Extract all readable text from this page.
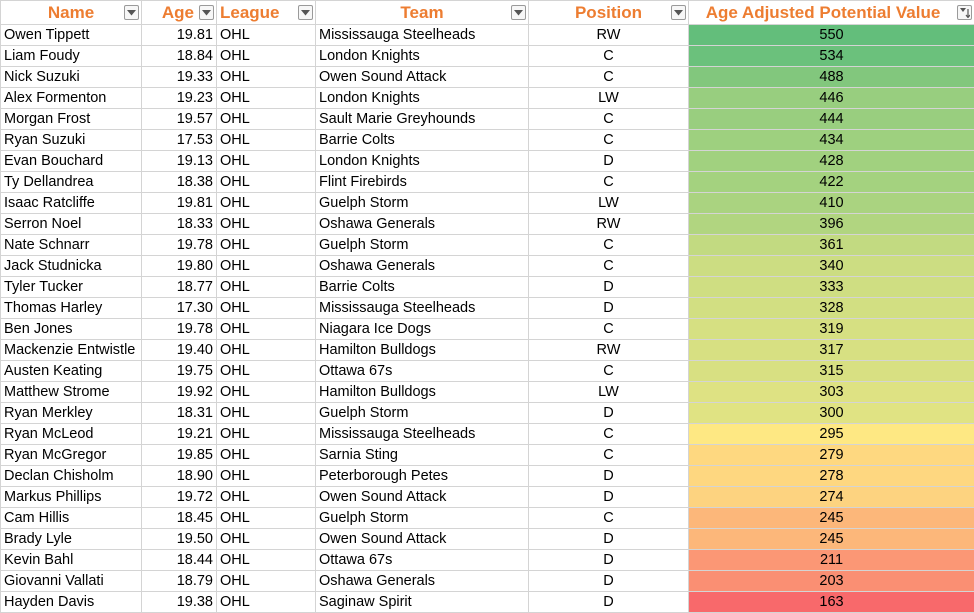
Name	Age	League	Team	Position	Age Adjusted Potential Value

Owen Tippett	19.81	OHL	Mississauga Steelheads	RW	550
Liam Foudy	18.84	OHL	London Knights	C	534
Nick Suzuki	19.33	OHL	Owen Sound Attack	C	488
Alex Formenton	19.23	OHL	London Knights	LW	446
Morgan Frost	19.57	OHL	Sault Marie Greyhounds	C	444
Ryan Suzuki	17.53	OHL	Barrie Colts	C	434
Evan Bouchard	19.13	OHL	London Knights	D	428
Ty Dellandrea	18.38	OHL	Flint Firebirds	C	422
Isaac Ratcliffe	19.81	OHL	Guelph Storm	LW	410
Serron Noel	18.33	OHL	Oshawa Generals	RW	396
Nate Schnarr	19.78	OHL	Guelph Storm	C	361
Jack Studnicka	19.80	OHL	Oshawa Generals	C	340
Tyler Tucker	18.77	OHL	Barrie Colts	D	333
Thomas Harley	17.30	OHL	Mississauga Steelheads	D	328
Ben Jones	19.78	OHL	Niagara Ice Dogs	C	319
Mackenzie Entwistle	19.40	OHL	Hamilton Bulldogs	RW	317
Austen Keating	19.75	OHL	Ottawa 67s	C	315
Matthew Strome	19.92	OHL	Hamilton Bulldogs	LW	303
Ryan Merkley	18.31	OHL	Guelph Storm	D	300
Ryan McLeod	19.21	OHL	Mississauga Steelheads	C	295
Ryan McGregor	19.85	OHL	Sarnia Sting	C	279
Declan Chisholm	18.90	OHL	Peterborough Petes	D	278
Markus Phillips	19.72	OHL	Owen Sound Attack	D	274
Cam Hillis	18.45	OHL	Guelph Storm	C	245
Brady Lyle	19.50	OHL	Owen Sound Attack	D	245
Kevin Bahl	18.44	OHL	Ottawa 67s	D	211
Giovanni Vallati	18.79	OHL	Oshawa Generals	D	203
Hayden Davis	19.38	OHL	Saginaw Spirit	D	163
